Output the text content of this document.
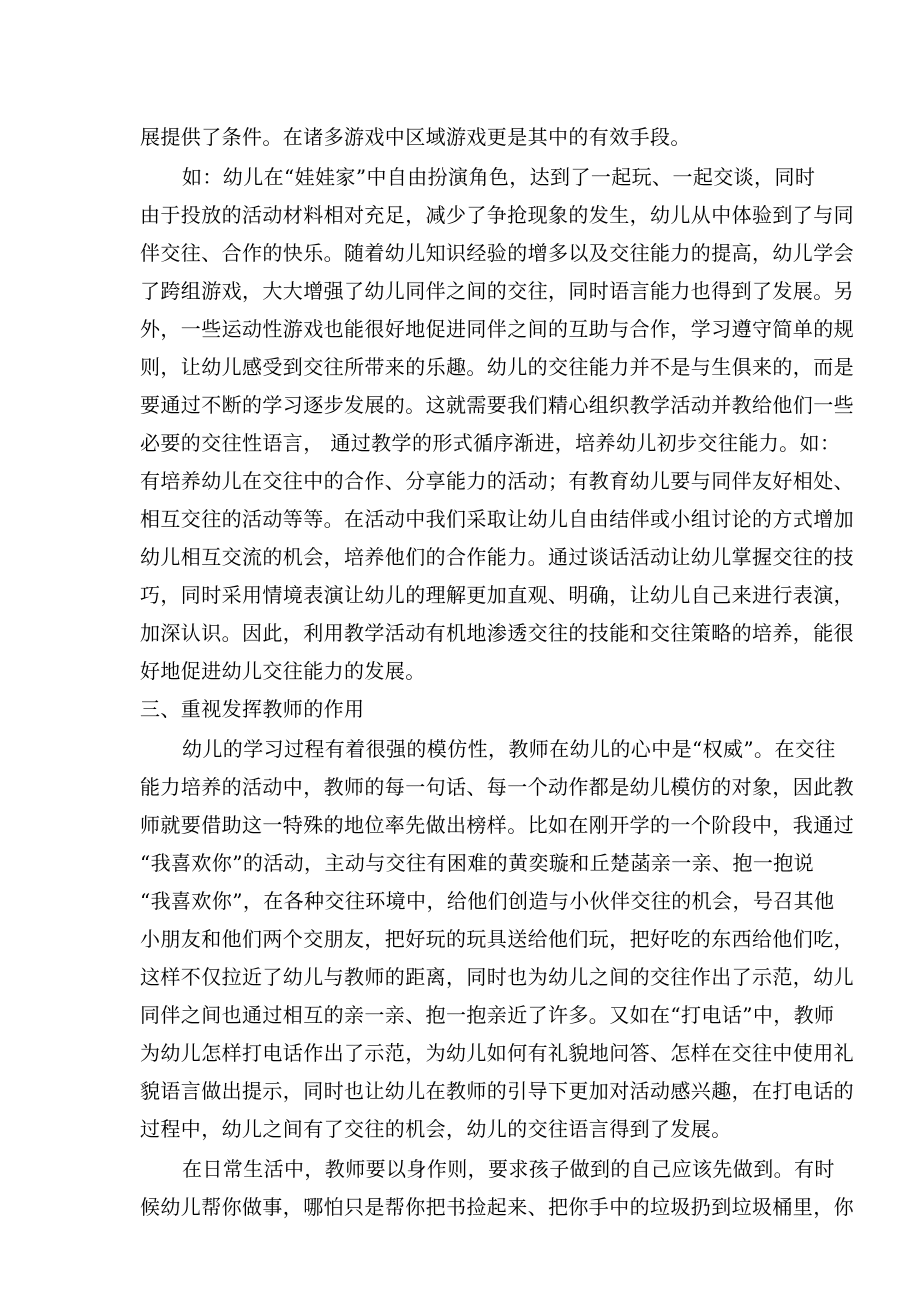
展提供了条件。在诸多游戏中区域游戏更是其中的有效手段。
如：幼儿在“娃娃家”中自由扮演角色，达到了一起玩、一起交谈，同时
由于投放的活动材料相对充足，减少了争抢现象的发生，幼儿从中体验到了与同
伴交往、合作的快乐。随着幼儿知识经验的增多以及交往能力的提高，幼儿学会
了跨组游戏，大大增强了幼儿同伴之间的交往，同时语言能力也得到了发展。另
外，一些运动性游戏也能很好地促进同伴之间的互助与合作，学习遵守简单的规
则，让幼儿感受到交往所带来的乐趣。幼儿的交往能力并不是与生俱来的，而是
要通过不断的学习逐步发展的。这就需要我们精心组织教学活动并教给他们一些
必要的交往性语言， 通过教学的形式循序渐进，培养幼儿初步交往能力。如：
有培养幼儿在交往中的合作、分享能力的活动；有教育幼儿要与同伴友好相处、
相互交往的活动等等。在活动中我们采取让幼儿自由结伴或小组讨论的方式增加
幼儿相互交流的机会，培养他们的合作能力。通过谈话活动让幼儿掌握交往的技
巧，同时采用情境表演让幼儿的理解更加直观、明确，让幼儿自己来进行表演，
加深认识。因此，利用教学活动有机地渗透交往的技能和交往策略的培养，能很
好地促进幼儿交往能力的发展。
三、重视发挥教师的作用
幼儿的学习过程有着很强的模仿性，教师在幼儿的心中是“权威”。在交往
能力培养的活动中，教师的每一句话、每一个动作都是幼儿模仿的对象，因此教
师就要借助这一特殊的地位率先做出榜样。比如在刚开学的一个阶段中，我通过
“我喜欢你”的活动，主动与交往有困难的黄奕璇和丘楚菡亲一亲、抱一抱说
“我喜欢你”，在各种交往环境中，给他们创造与小伙伴交往的机会，号召其他
小朋友和他们两个交朋友，把好玩的玩具送给他们玩，把好吃的东西给他们吃，
这样不仅拉近了幼儿与教师的距离，同时也为幼儿之间的交往作出了示范，幼儿
同伴之间也通过相互的亲一亲、抱一抱亲近了许多。又如在“打电话”中，教师
为幼儿怎样打电话作出了示范，为幼儿如何有礼貌地问答、怎样在交往中使用礼
貌语言做出提示，同时也让幼儿在教师的引导下更加对活动感兴趣，在打电话的
过程中，幼儿之间有了交往的机会，幼儿的交往语言得到了发展。
在日常生活中，教师要以身作则，要求孩子做到的自己应该先做到。有时
候幼儿帮你做事，哪怕只是帮你把书捡起来、把你手中的垃圾扔到垃圾桶里，你
